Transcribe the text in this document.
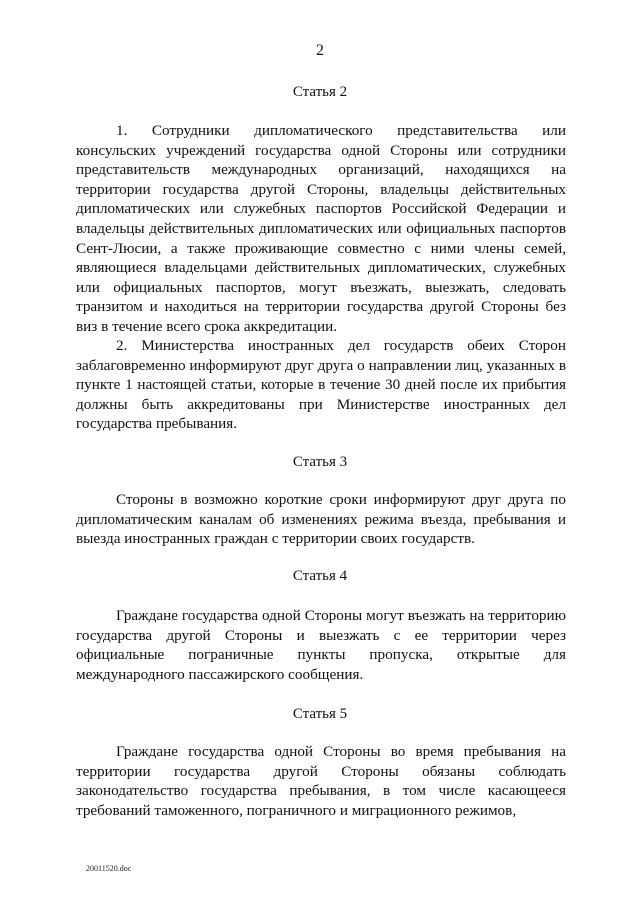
2
Статья 2

1. Сотрудники дипломатического представительства или консульских учреждений государства одной Стороны или сотрудники представительств международных организаций, находящихся на территории государства другой Стороны, владельцы действительных дипломатических или служебных паспортов Российской Федерации и владельцы действительных дипломатических или официальных паспортов Сент-Люсии, а также проживающие совместно с ними члены семей, являющиеся владельцами действительных дипломатических, служебных или официальных паспортов, могут въезжать, выезжать, следовать транзитом и находиться на территории государства другой Стороны без виз в течение всего срока аккредитации.

2. Министерства иностранных дел государств обеих Сторон заблаговременно информируют друг друга о направлении лиц, указанных в пункте 1 настоящей статьи, которые в течение 30 дней после их прибытия должны быть аккредитованы при Министерстве иностранных дел государства пребывания.

Статья 3

Стороны в возможно короткие сроки информируют друг друга по дипломатическим каналам об изменениях режима въезда, пребывания и выезда иностранных граждан с территории своих государств.

Статья 4

Граждане государства одной Стороны могут въезжать на территорию государства другой Стороны и выезжать с ее территории через официальные пограничные пункты пропуска, открытые для международного пассажирского сообщения.

Статья 5

Граждане государства одной Стороны во время пребывания на территории государства другой Стороны обязаны соблюдать законодательство государства пребывания, в том числе касающееся требований таможенного, пограничного и миграционного режимов,

20011520.doc
